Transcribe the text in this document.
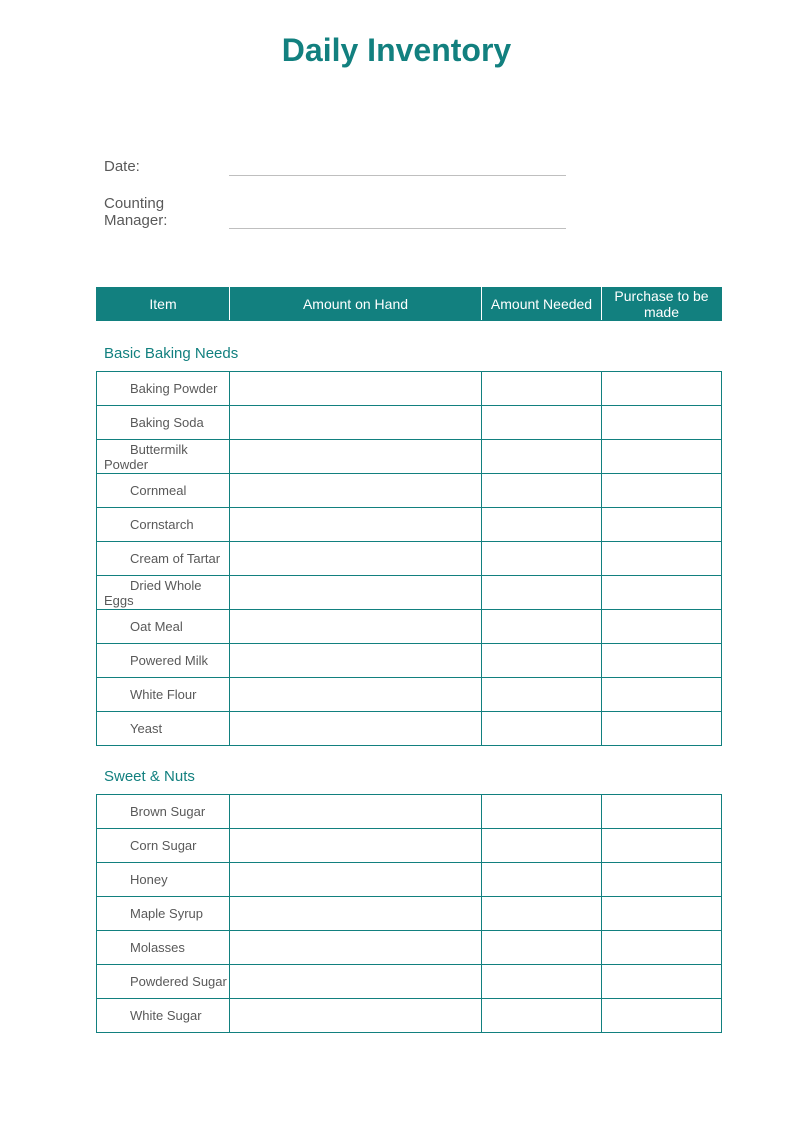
Daily Inventory
Date:
Counting Manager:
Item	Amount on Hand	Amount Needed	Purchase to be made
Basic Baking Needs
Baking Powder			
Baking Soda			
Buttermilk Powder			
Cornmeal			
Cornstarch			
Cream of Tartar			
Dried Whole Eggs			
Oat Meal			
Powered Milk			
White Flour			
Yeast			
Sweet & Nuts
Brown Sugar			
Corn Sugar			
Honey			
Maple Syrup			
Molasses			
Powdered Sugar			
White Sugar			
